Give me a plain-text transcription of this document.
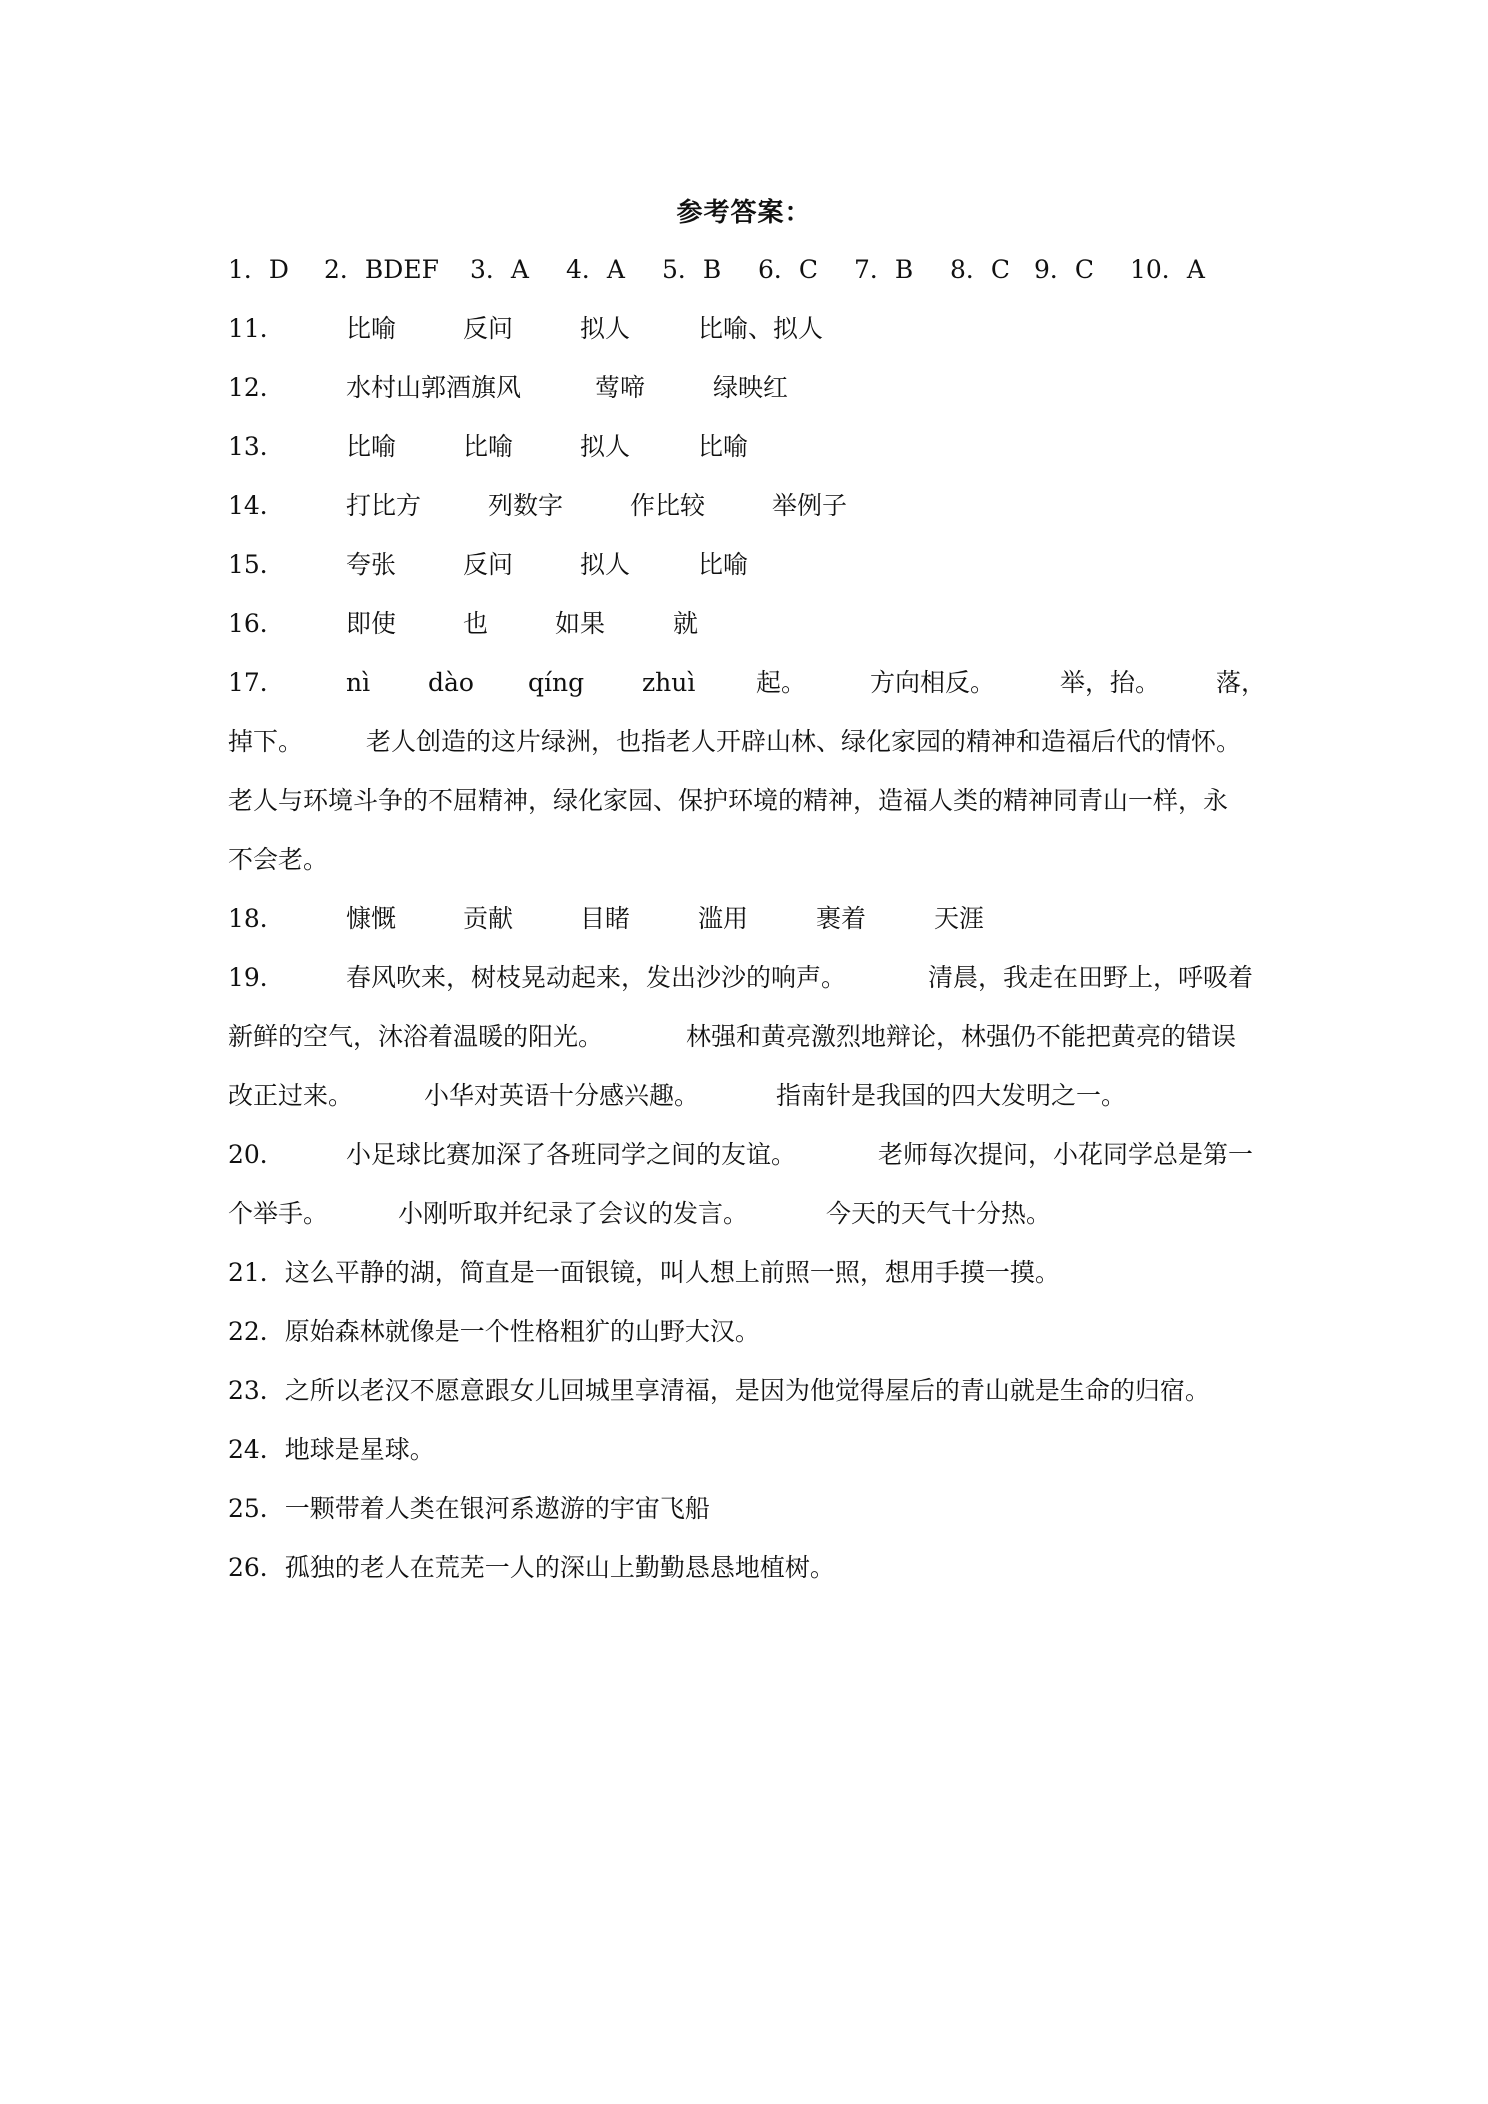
参考答案：
1．D 2．BDEF 3．A 4．A 5．B 6．C 7．B 8．C 9．C 10．A
11． 比喻	反问	拟人	比喻、拟人
12． 水村山郭酒旗风	莺啼	绿映红
13． 比喻	比喻	拟人	比喻
14． 打比方	列数字	作比较	举例子
15． 夸张	反问	拟人	比喻
16． 即使	也	如果	就
17． nì dào qíng zhuì 起。	方向相反。	举，抬。 落，
掉下。	老人创造的这片绿洲，也指老人开辟山林、绿化家园的精神和造福后代的情怀。
老人与环境斗争的不屈精神，绿化家园、保护环境的精神，造福人类的精神同青山一样，永
不会老。
18． 慷慨	贡献	目睹	滥用	裹着	天涯
19． 春风吹来，树枝晃动起来，发出沙沙的响声。	清晨，我走在田野上，呼吸着
新鲜的空气，沐浴着温暖的阳光。	林强和黄亮激烈地辩论，林强仍不能把黄亮的错误
改正过来。	小华对英语十分感兴趣。	指南针是我国的四大发明之一。
20． 小足球比赛加深了各班同学之间的友谊。	老师每次提问，小花同学总是第一
个举手。	小刚听取并纪录了会议的发言。	今天的天气十分热。
21．这么平静的湖，简直是一面银镜，叫人想上前照一照，想用手摸一摸。
22．原始森林就像是一个性格粗犷的山野大汉。
23．之所以老汉不愿意跟女儿回城里享清福，是因为他觉得屋后的青山就是生命的归宿。
24．地球是星球。
25．一颗带着人类在银河系遨游的宇宙飞船
26．孤独的老人在荒芜一人的深山上勤勤恳恳地植树。
